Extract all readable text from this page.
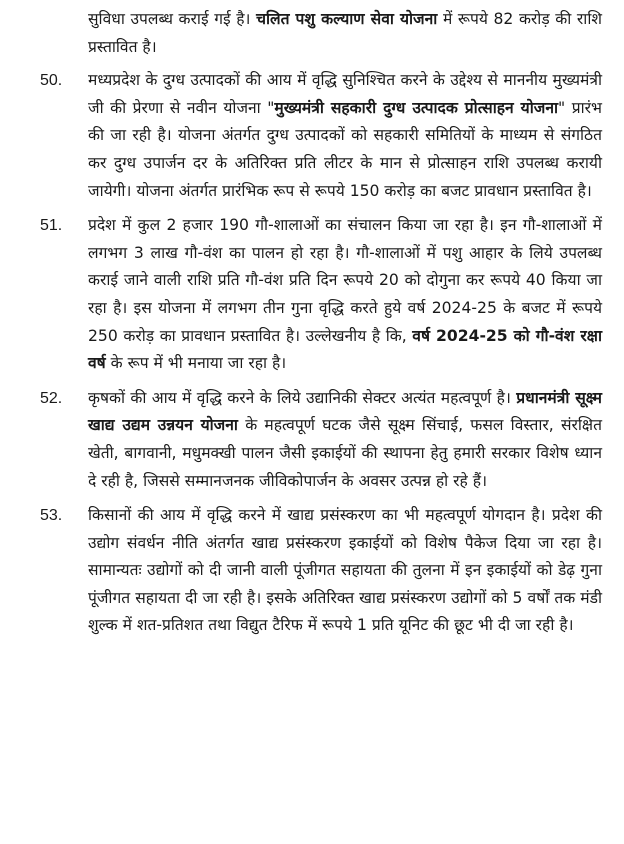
सुविधा उपलब्ध कराई गई है। चलित पशु कल्याण सेवा योजना में रूपये 82 करोड़ की राशि प्रस्तावित है।

50. मध्यप्रदेश के दुग्ध उत्पादकों की आय में वृद्धि सुनिश्चित करने के उद्देश्य से माननीय मुख्यमंत्री जी की प्रेरणा से नवीन योजना "मुख्यमंत्री सहकारी दुग्ध उत्पादक प्रोत्साहन योजना" प्रारंभ की जा रही है। योजना अंतर्गत दुग्ध उत्पादकों को सहकारी समितियों के माध्यम से संगठित कर दुग्ध उपार्जन दर के अतिरिक्त प्रति लीटर के मान से प्रोत्साहन राशि उपलब्ध करायी जायेगी। योजना अंतर्गत प्रारंभिक रूप से रूपये 150 करोड़ का बजट प्रावधान प्रस्तावित है।

51. प्रदेश में कुल 2 हजार 190 गौ-शालाओं का संचालन किया जा रहा है। इन गौ-शालाओं में लगभग 3 लाख गौ-वंश का पालन हो रहा है। गौ-शालाओं में पशु आहार के लिये उपलब्ध कराई जाने वाली राशि प्रति गौ-वंश प्रति दिन रूपये 20 को दोगुना कर रूपये 40 किया जा रहा है। इस योजना में लगभग तीन गुना वृद्धि करते हुये वर्ष 2024-25 के बजट में रूपये 250 करोड़ का प्रावधान प्रस्तावित है। उल्लेखनीय है कि, वर्ष 2024-25 को गौ-वंश रक्षा वर्ष के रूप में भी मनाया जा रहा है।

52. कृषकों की आय में वृद्धि करने के लिये उद्यानिकी सेक्टर अत्यंत महत्वपूर्ण है। प्रधानमंत्री सूक्ष्म खाद्य उद्यम उन्नयन योजना के महत्वपूर्ण घटक जैसे सूक्ष्म सिंचाई, फसल विस्तार, संरक्षित खेती, बागवानी, मधुमक्खी पालन जैसी इकाईयों की स्थापना हेतु हमारी सरकार विशेष ध्यान दे रही है, जिससे सम्मानजनक जीविकोपार्जन के अवसर उत्पन्न हो रहे हैं।

53. किसानों की आय में वृद्धि करने में खाद्य प्रसंस्करण का भी महत्वपूर्ण योगदान है। प्रदेश की उद्योग संवर्धन नीति अंतर्गत खाद्य प्रसंस्करण इकाईयों को विशेष पैकेज दिया जा रहा है। सामान्यतः उद्योगों को दी जानी वाली पूंजीगत सहायता की तुलना में इन इकाईयों को डेढ़ गुना पूंजीगत सहायता दी जा रही है। इसके अतिरिक्त खाद्य प्रसंस्करण उद्योगों को 5 वर्षों तक मंडी शुल्क में शत-प्रतिशत तथा विद्युत टैरिफ में रूपये 1 प्रति यूनिट की छूट भी दी जा रही है।
